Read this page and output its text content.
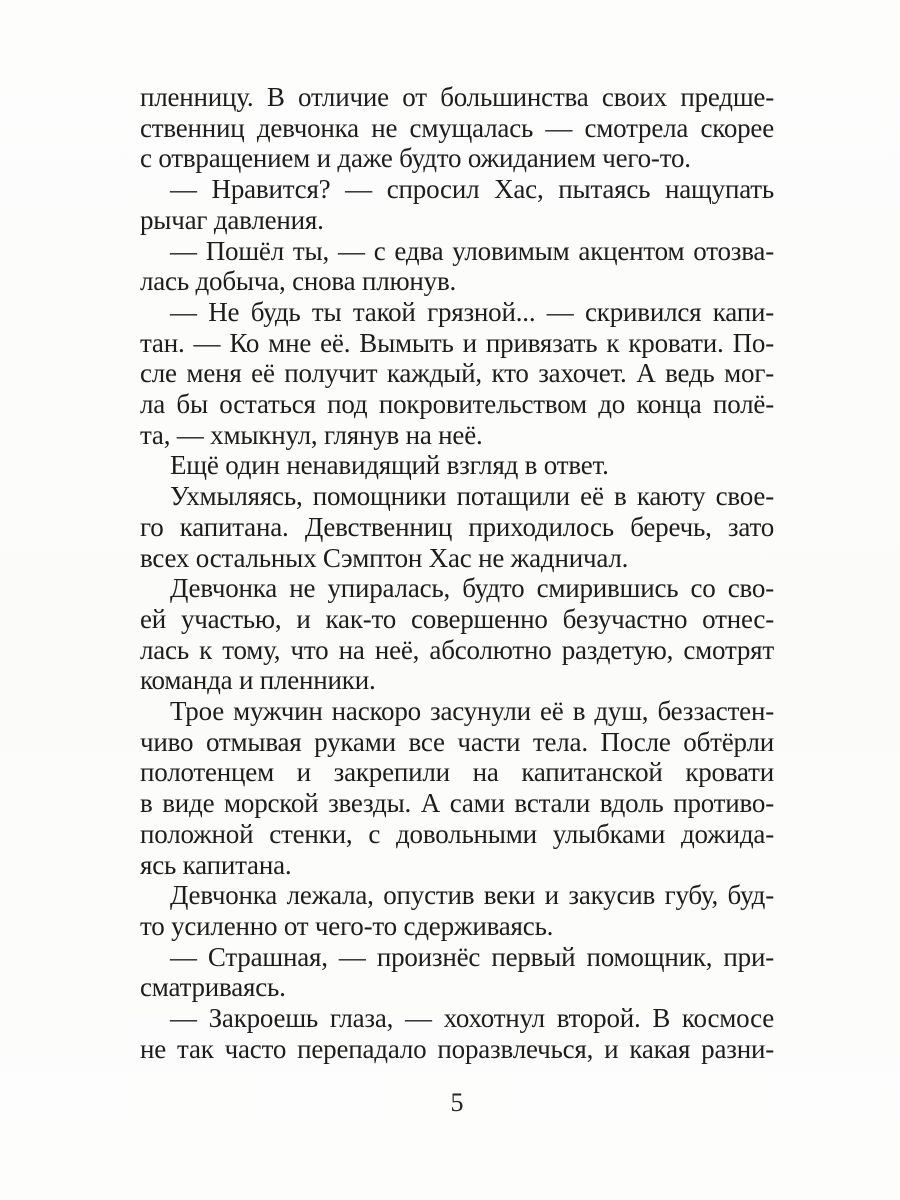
пленницу. В отличие от большинства своих предше-
ственниц девчонка не смущалась — смотрела скорее
с отвращением и даже будто ожиданием чего-то.
— Нравится? — спросил Хас, пытаясь нащупать
рычаг давления.
— Пошёл ты, — с едва уловимым акцентом отозва-
лась добыча, снова плюнув.
— Не будь ты такой грязной... — скривился капи-
тан. — Ко мне её. Вымыть и привязать к кровати. По-
сле меня её получит каждый, кто захочет. А ведь мог-
ла бы остаться под покровительством до конца полё-
та, — хмыкнул, глянув на неё.
Ещё один ненавидящий взгляд в ответ.
Ухмыляясь, помощники потащили её в каюту свое-
го капитана. Девственниц приходилось беречь, зато
всех остальных Сэмптон Хас не жадничал.
Девчонка не упиралась, будто смирившись со сво-
ей участью, и как-то совершенно безучастно отнес-
лась к тому, что на неё, абсолютно раздетую, смотрят
команда и пленники.
Трое мужчин наскоро засунули её в душ, беззастен-
чиво отмывая руками все части тела. После обтёрли
полотенцем и закрепили на капитанской кровати
в виде морской звезды. А сами встали вдоль противо-
положной стенки, с довольными улыбками дожида-
ясь капитана.
Девчонка лежала, опустив веки и закусив губу, буд-
то усиленно от чего-то сдерживаясь.
— Страшная, — произнёс первый помощник, при-
сматриваясь.
— Закроешь глаза, — хохотнул второй. В космосе
не так часто перепадало поразвлечься, и какая разни-
5
